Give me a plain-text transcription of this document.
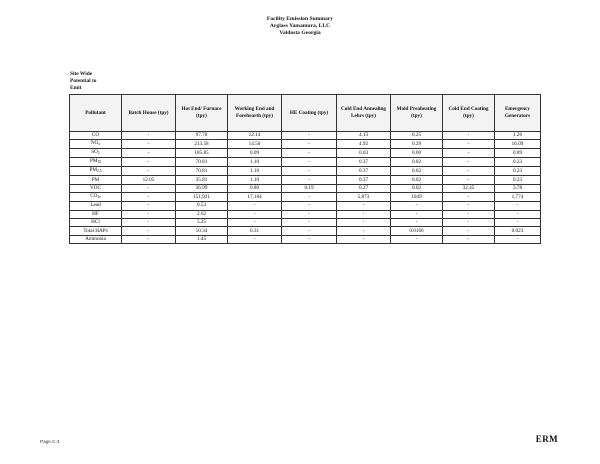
Facility Emission Summary
Arglass Yamamura, LLC
Valdosta Georgia
Site Wide
Potential to
Emit
Pollutant	Batch House (tpy)	Hot End/ Furnace (tpy)	Working End and Forehearth (tpy)	HE Coating (tpy)	Cold End Annealing Lehrs (tpy)	Mold Preaheating (tpy)	Cold End Coating (tpy)	Emergency Generators
CO	-	97.78	12.14	-	4.13	0.25	-	1.26
$NO_x$	-	213.58	14.50	-	4.92	0.29	-	16.09
$SO_2$	-	185.85	0.09	-	0.03	0.00	-	0.89
$PM_{10}$	-	70.81	1.10	-	0.37	0.02	-	0.23
$PM_{2.5}$	-	70.81	1.10	-	0.37	0.02	-	0.23
PM	12.05	35.81	1.10	-	0.37	0.02	-	0.23
VOC	-	36.99	0.80	0.19	0.27	0.02	32.45	3.78
$CO_{2e}$	-	151,921	17,184	-	5,873	1049	-	1,774
Lead	-	0.53	-	-	-	-	-	-
HF	-	2.62	-	-	-	-	-	-
HCl	-	5.25	-	-	-	-	-	-
Total HAPs	-	10.34	0.31	-	-	0.0166	-	0.023
Ammonia	-	1.45	-	-	-	-	-	-
Page C-3	ERM
